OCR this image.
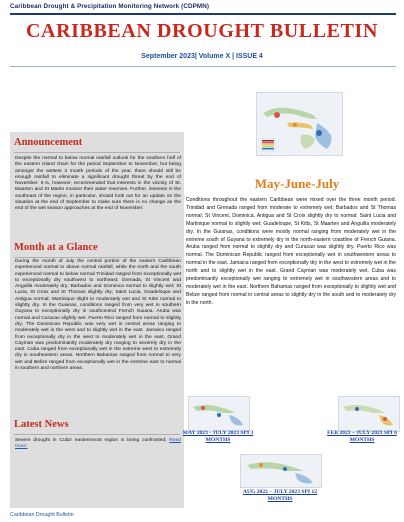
Caribbean Drought & Precipitation Monitoring Network (CDPMN)
CARIBBEAN DROUGHT BULLETIN
September 2023| Volume X | ISSUE 4
May-June-July

Conditions throughout the eastern Caribbean were mixed over the three month period. Trinidad and Grenada ranged from moderate to extremely wet; Barbados and St Thomas normal; St Vincent, Dominica, Antigua and St Croix slightly dry to normal; Saint Lucia and Martinique normal to slightly wet; Guadeloupe, St Kitts, St Maarten and Anguilla moderately dry. In the Guianas, conditions were mostly normal ranging from moderately wet in the extreme south of Guyana to extremely dry in the north-eastern coastline of French Guiana. Aruba ranged from normal to slightly dry and Curacao was slightly dry. Puerto Rico was normal. The Dominican Republic ranged from exceptionally wet in southwestern areas to normal in the east. Jamaica ranged from exceptionally dry in the west to extremely wet in the north and to slightly wet in the east. Grand Cayman was moderately wet. Cuba was predominantly exceptionally wet ranging to extremely wet in southwestern areas and to moderately wet in the east. Northern Bahamas ranged from exceptionally to slightly wet and Belize ranged from normal in central areas to slightly dry in the south and to moderately dry in the north.

Announcement

Despite the normal to below normal rainfall outlook for the southern half of the eastern island chain for the period September to November, but being amongst the wettest 3 month periods of the year, there should still be enough rainfall to eliminate a significant drought threat by the end of November. It is, however, recommended that interests in the vicinity of St. Maarten and St Martin monitor their water reserves. Further, interests in the southeast of the region, in particular, should look out for an update on the situation at the end of September to make sure there is no change as the end of the wet season approaches at the end of November.

Month at a Glance

During the month of July the central portion of the eastern Caribbean experienced normal to above normal rainfall, while the north and the south experienced normal to below normal Trinidad ranged from exceptionally wet to exceptionally dry southwest to northeast; Grenada, St Vincent and Anguilla moderately dry; Barbados and Dominica normal to slightly wet; St Lucia, St Croix and St Thomas slightly dry; Saint Lucia, Guadeloupe and Antigua normal; Martinique slight to moderately wet and St Kitts normal to slightly dry. In the Guianas, conditions ranged from very wet in southern Guyana to exceptionally dry in southcentral French Guiana. Aruba was normal and Curacao slightly wet. Puerto Rico ranged from normal to slightly dry; The Dominican Republic was very wet in central areas ranging to moderately wet in the west and to slightly wet in the east. Jamaica ranged from exceptionally dry in the west to moderately wet in the east. Grand Cayman was predominantly moderately dry ranging to severely dry in the east. Cuba ranged from exceptionally wet in the extreme west to extremely dry in southeastern areas. Northern Bahamas ranged from normal to very wet and Belize ranged from exceptionally wet in the extreme east to normal in southern and northern areas.

Latest News

Severe drought in Cuba' easternmost region is being confronted; Read more:

MAY 2023 - JULY 2023 SPI 3 MONTHS
FEB 2023 – JULY 2023 SPI 6 MONTHS
AUG 2022 – JULY 2023 SPI 12 MONTHS
Caribbean Drought Bulletin
